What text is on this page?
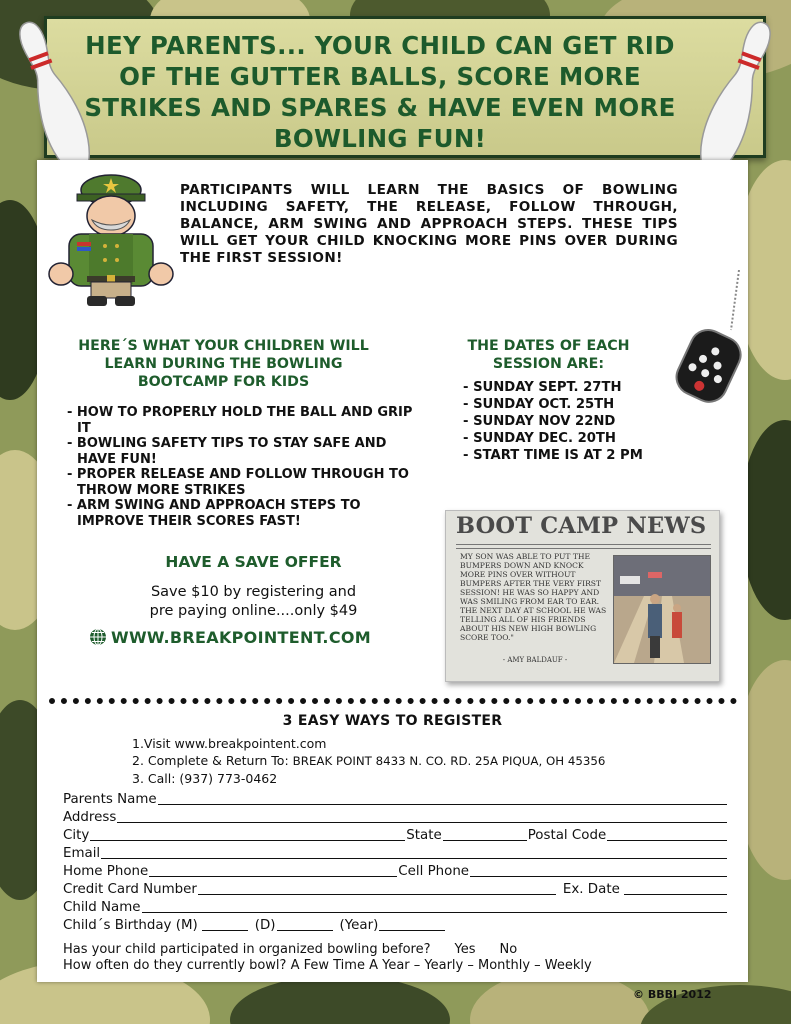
HEY PARENTS... YOUR CHILD CAN GET RID OF THE GUTTER BALLS, SCORE MORE STRIKES AND SPARES & HAVE EVEN MORE BOWLING FUN!

PARTICIPANTS WILL LEARN THE BASICS OF BOWLING INCLUDING SAFETY, THE RELEASE, FOLLOW THROUGH, BALANCE, ARM SWING AND APPROACH STEPS. THESE TIPS WILL GET YOUR CHILD KNOCKING MORE PINS OVER DURING THE FIRST SESSION!

HERE´S WHAT YOUR CHILDREN WILL LEARN DURING THE BOWLING BOOTCAMP FOR KIDS
- HOW TO PROPERLY HOLD THE BALL AND GRIP IT
- BOWLING SAFETY TIPS TO STAY SAFE AND HAVE FUN!
- PROPER RELEASE AND FOLLOW THROUGH TO THROW MORE STRIKES
- ARM SWING AND APPROACH STEPS TO IMPROVE THEIR SCORES FAST!
THE DATES OF EACH SESSION ARE:
- SUNDAY SEPT. 27TH
- SUNDAY OCT. 25TH
- SUNDAY NOV 22ND
- SUNDAY DEC. 20TH
- START TIME IS AT 2 PM
HAVE A SAVE OFFER

Save $10 by registering and
pre paying online....only $49

WWW.BREAKPOINTENT.COM
BOOT CAMP NEWS

MY SON WAS ABLE TO PUT THE BUMPERS DOWN AND KNOCK MORE PINS OVER WITHOUT BUMPERS AFTER THE VERY FIRST SESSION! HE WAS SO HAPPY AND WAS SMILING FROM EAR TO EAR. THE NEXT DAY AT SCHOOL HE WAS TELLING ALL OF HIS FRIENDS ABOUT HIS NEW HIGH BOWLING SCORE TOO."

- AMY BALDAUF -
3 EASY WAYS TO REGISTER
1.Visit www.breakpointent.com
2. Complete & Return To: BREAK POINT 8433 N. CO. RD. 25A PIQUA, OH 45356
3. Call: (937) 773-0462
Parents Name
Address
City	State	Postal Code
Email
Home Phone	Cell Phone
Credit Card Number	Ex. Date
Child Name
Child´s Birthday (M)	(D)	(Year)
Has your child participated in organized bowling before? Yes No
How often do they currently bowl? A Few Time A Year – Yearly – Monthly – Weekly
© BBBI 2012
